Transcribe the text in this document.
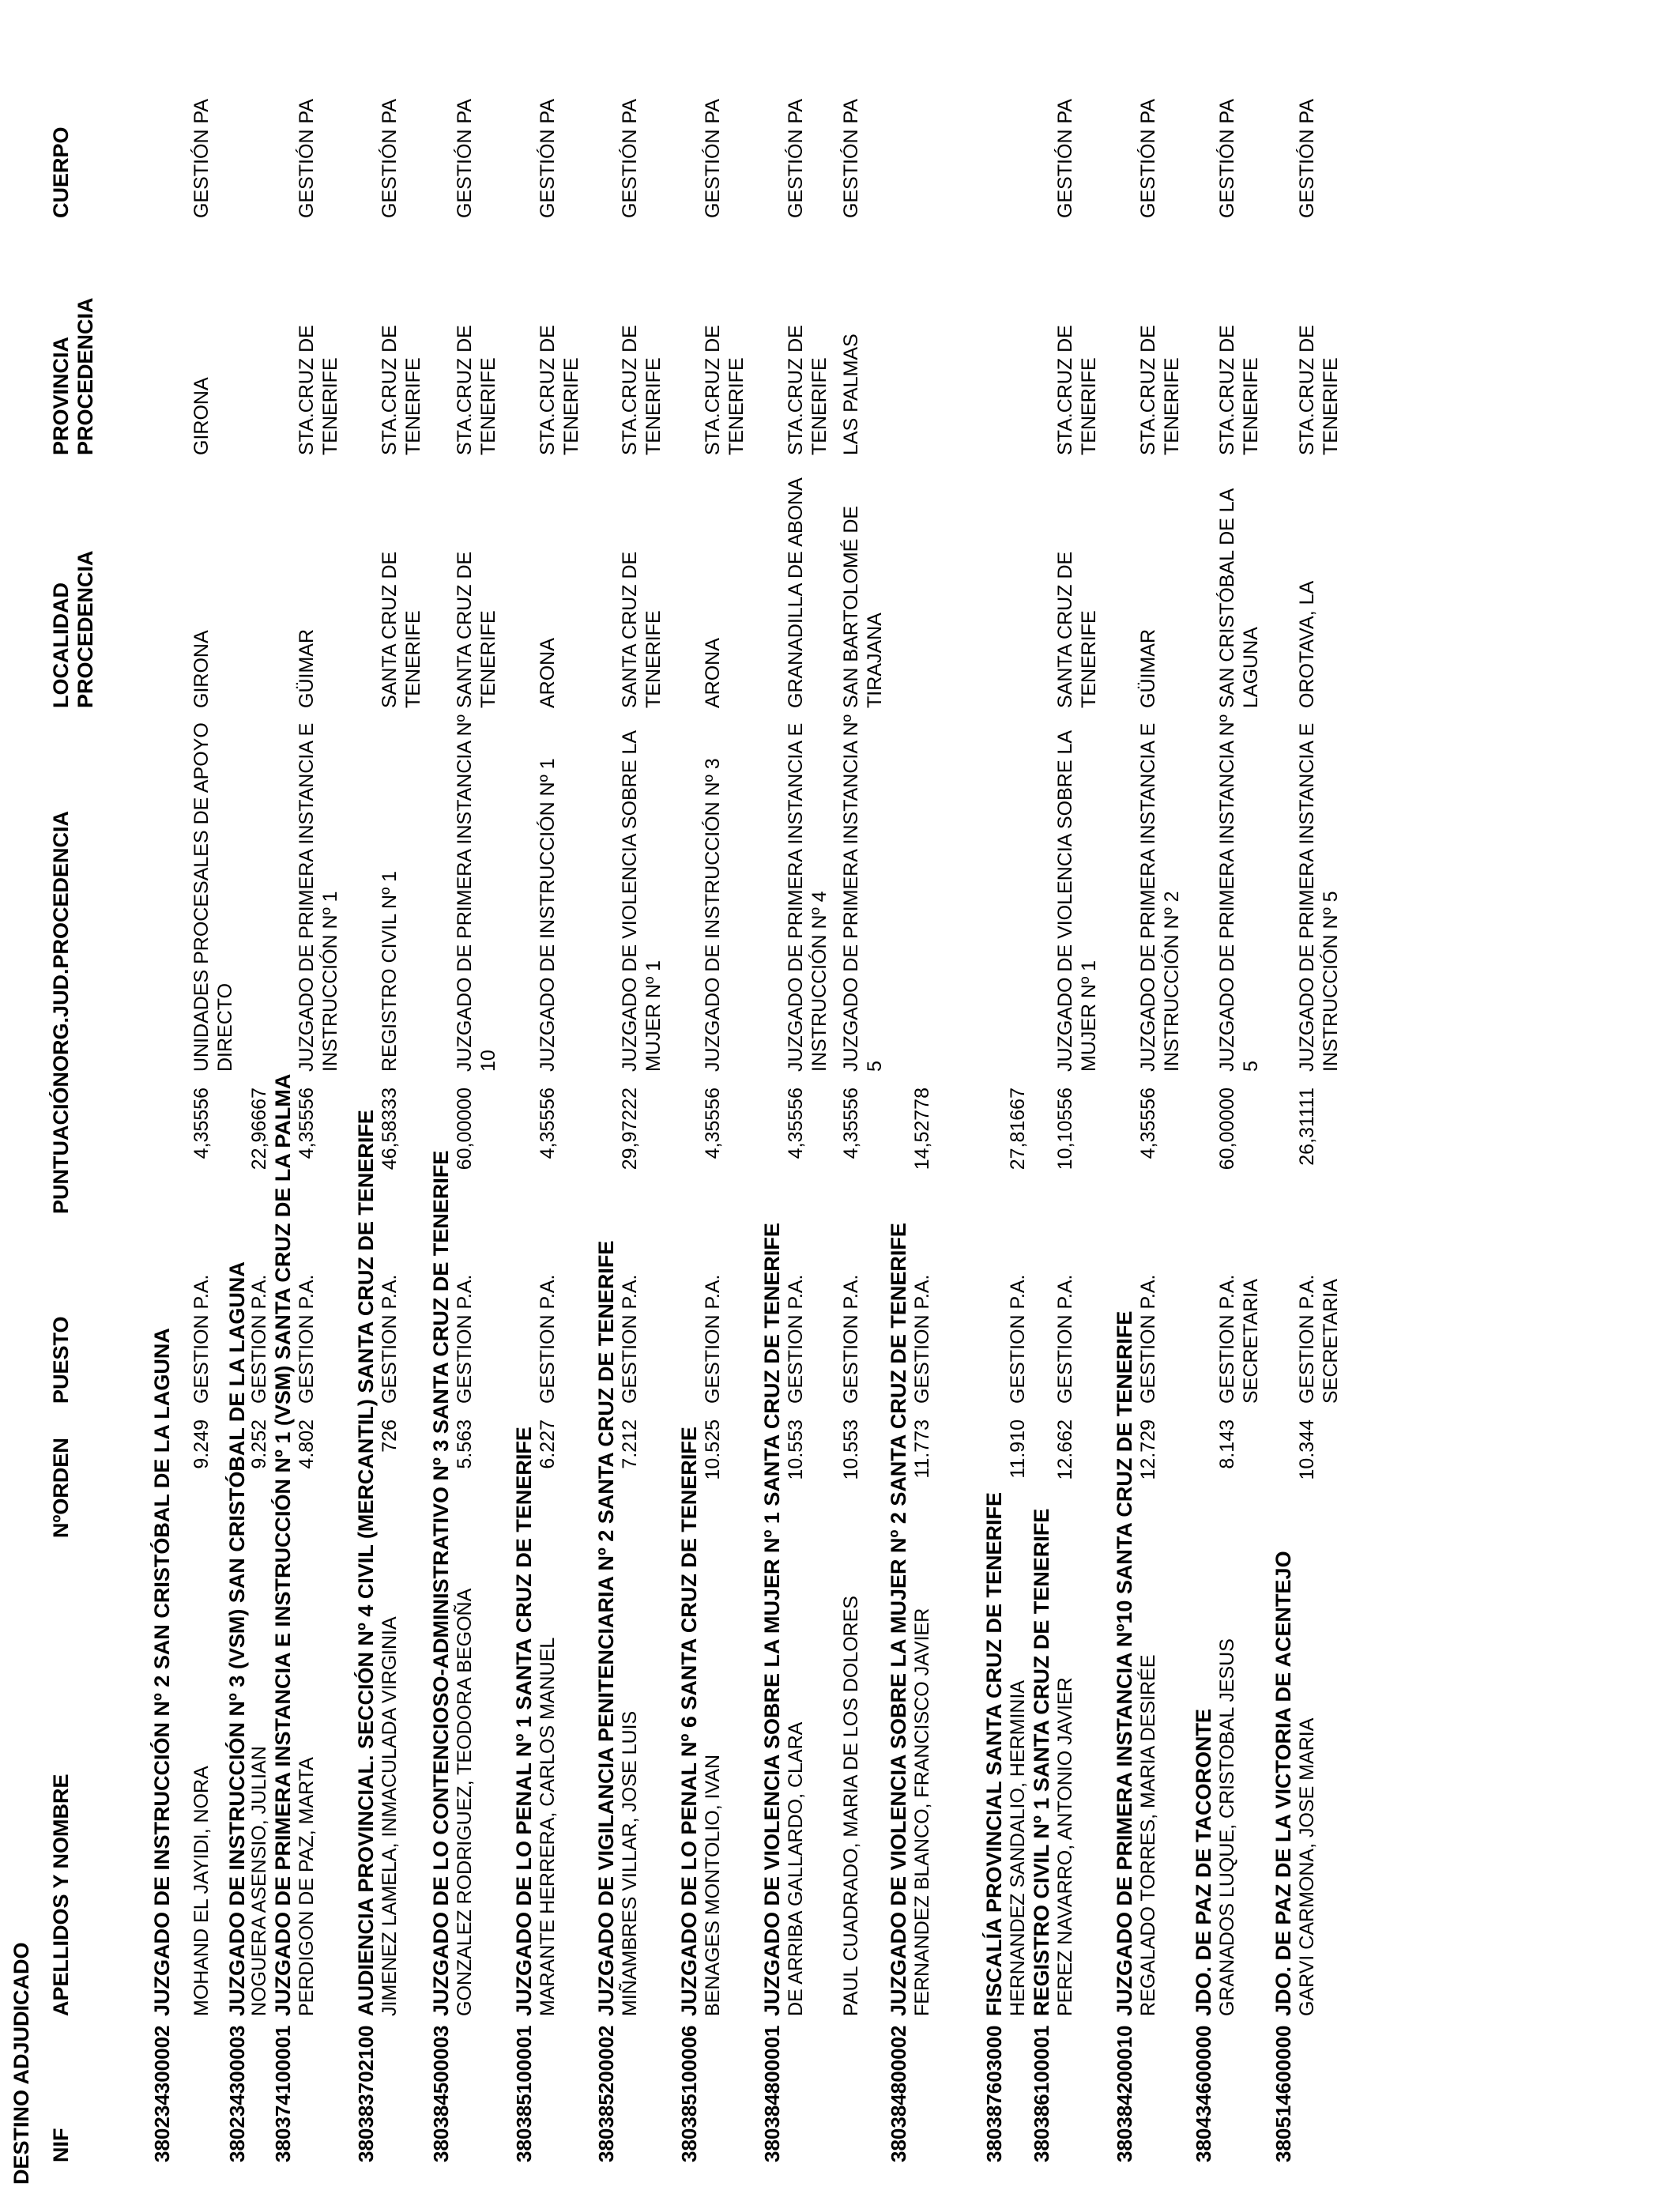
DESTINO ADJUDICADO NIF
APELLIDOS Y NOMBRE
NºORDEN
PUESTO
PUNTUACIÓN
ORG.JUD.PROCEDENCIA
LOCALIDAD PROCEDENCIA
PROVINCIA PROCEDENCIA
CUERPO
380234300002
JUZGADO DE INSTRUCCIÓN Nº 2 SAN CRISTÓBAL DE LA LAGUNA MOHAND EL JAYIDI, NORA
9.249
GESTION P.A.
4,35556
UNIDADES PROCESALES DE APOYO DIRECTO
GIRONA
GIRONA
GESTIÓN PA
380234300003
JUZGADO DE INSTRUCCIÓN Nº 3 (VSM) SAN CRISTÓBAL DE LA LAGUNA NOGUERA ASENSIO, JULIAN
9.252
GESTION P.A.
22,96667
380374100001
JUZGADO DE PRIMERA INSTANCIA E INSTRUCCIÓN Nº 1 (VSM) SANTA CRUZ DE LA PALMA PERDIGON DE PAZ, MARTA
4.802
GESTION P.A.
4,35556
JUZGADO DE PRIMERA INSTANCIA E INSTRUCCIÓN Nº 1
GÜIMAR
STA.CRUZ DE TENERIFE
GESTIÓN PA
380383702100
AUDIENCIA PROVINCIAL. SECCIÓN Nº 4 CIVIL (MERCANTIL) SANTA CRUZ DE TENERIFE JIMENEZ LAMELA, INMACULADA VIRGINIA
726
GESTION P.A.
46,58333
REGISTRO CIVIL Nº 1
SANTA CRUZ DE TENERIFE
STA.CRUZ DE TENERIFE
GESTIÓN PA
380384500003
JUZGADO DE LO CONTENCIOSO-ADMINISTRATIVO Nº 3 SANTA CRUZ DE TENERIFE GONZALEZ RODRIGUEZ, TEODORA BEGOÑA
5.563
GESTION P.A.
60,00000
JUZGADO DE PRIMERA INSTANCIA Nº 10
SANTA CRUZ DE TENERIFE
STA.CRUZ DE TENERIFE
GESTIÓN PA
380385100001
JUZGADO DE LO PENAL Nº 1 SANTA CRUZ DE TENERIFE MARANTE HERRERA, CARLOS MANUEL
6.227
GESTION P.A.
4,35556
JUZGADO DE INSTRUCCIÓN Nº 1
ARONA
STA.CRUZ DE TENERIFE
GESTIÓN PA
380385200002
JUZGADO DE VIGILANCIA PENITENCIARIA Nº 2 SANTA CRUZ DE TENERIFE MIÑAMBRES VILLAR, JOSE LUIS
7.212
GESTION P.A.
29,97222
JUZGADO DE VIOLENCIA SOBRE LA MUJER Nº 1
SANTA CRUZ DE TENERIFE
STA.CRUZ DE TENERIFE
GESTIÓN PA
380385100006
JUZGADO DE LO PENAL Nº 6 SANTA CRUZ DE TENERIFE BENAGES MONTOLIO, IVAN
10.525
GESTION P.A.
4,35556
JUZGADO DE INSTRUCCIÓN Nº 3
ARONA
STA.CRUZ DE TENERIFE
GESTIÓN PA
380384800001
JUZGADO DE VIOLENCIA SOBRE LA MUJER Nº 1 SANTA CRUZ DE TENERIFE DE ARRIBA GALLARDO, CLARA
10.553
GESTION P.A.
4,35556
JUZGADO DE PRIMERA INSTANCIA E INSTRUCCIÓN Nº 4
GRANADILLA DE ABONA
STA.CRUZ DE TENERIFE
GESTIÓN PA
PAUL CUADRADO, MARIA DE LOS DOLORES
10.553
GESTION P.A.
4,35556
JUZGADO DE PRIMERA INSTANCIA Nº 5
SAN BARTOLOMÉ DE TIRAJANA
LAS PALMAS
GESTIÓN PA
380384800002
JUZGADO DE VIOLENCIA SOBRE LA MUJER Nº 2 SANTA CRUZ DE TENERIFE FERNANDEZ BLANCO, FRANCISCO JAVIER
11.773
GESTION P.A.
14,52778
380387603000
FISCALÍA PROVINCIAL SANTA CRUZ DE TENERIFE HERNANDEZ SANDALIO, HERMINIA
11.910
GESTION P.A.
27,81667
380386100001
REGISTRO CIVIL Nº 1 SANTA CRUZ DE TENERIFE PEREZ NAVARRO, ANTONIO JAVIER
12.662
GESTION P.A.
10,10556
JUZGADO DE VIOLENCIA SOBRE LA MUJER Nº 1
SANTA CRUZ DE TENERIFE
STA.CRUZ DE TENERIFE
GESTIÓN PA
380384200010
JUZGADO DE PRIMERA INSTANCIA Nº10 SANTA CRUZ DE TENERIFE REGALADO TORRES, MARIA DESIRÉE
12.729
GESTION P.A.
4,35556
JUZGADO DE PRIMERA INSTANCIA E INSTRUCCIÓN Nº 2
GÜIMAR
STA.CRUZ DE TENERIFE
GESTIÓN PA
380434600000
JDO. DE PAZ DE TACORONTE GRANADOS LUQUE, CRISTOBAL JESUS
8.143
GESTION P.A. SECRETARIA
60,00000
JUZGADO DE PRIMERA INSTANCIA Nº 5
SAN CRISTÓBAL DE LA LAGUNA
STA.CRUZ DE TENERIFE
GESTIÓN PA
380514600000
JDO. DE PAZ DE LA VICTORIA DE ACENTEJO GARVI CARMONA, JOSE MARIA
10.344
GESTION P.A. SECRETARIA
26,31111
JUZGADO DE PRIMERA INSTANCIA E INSTRUCCIÓN Nº 5
OROTAVA, LA
STA.CRUZ DE TENERIFE
GESTIÓN PA
